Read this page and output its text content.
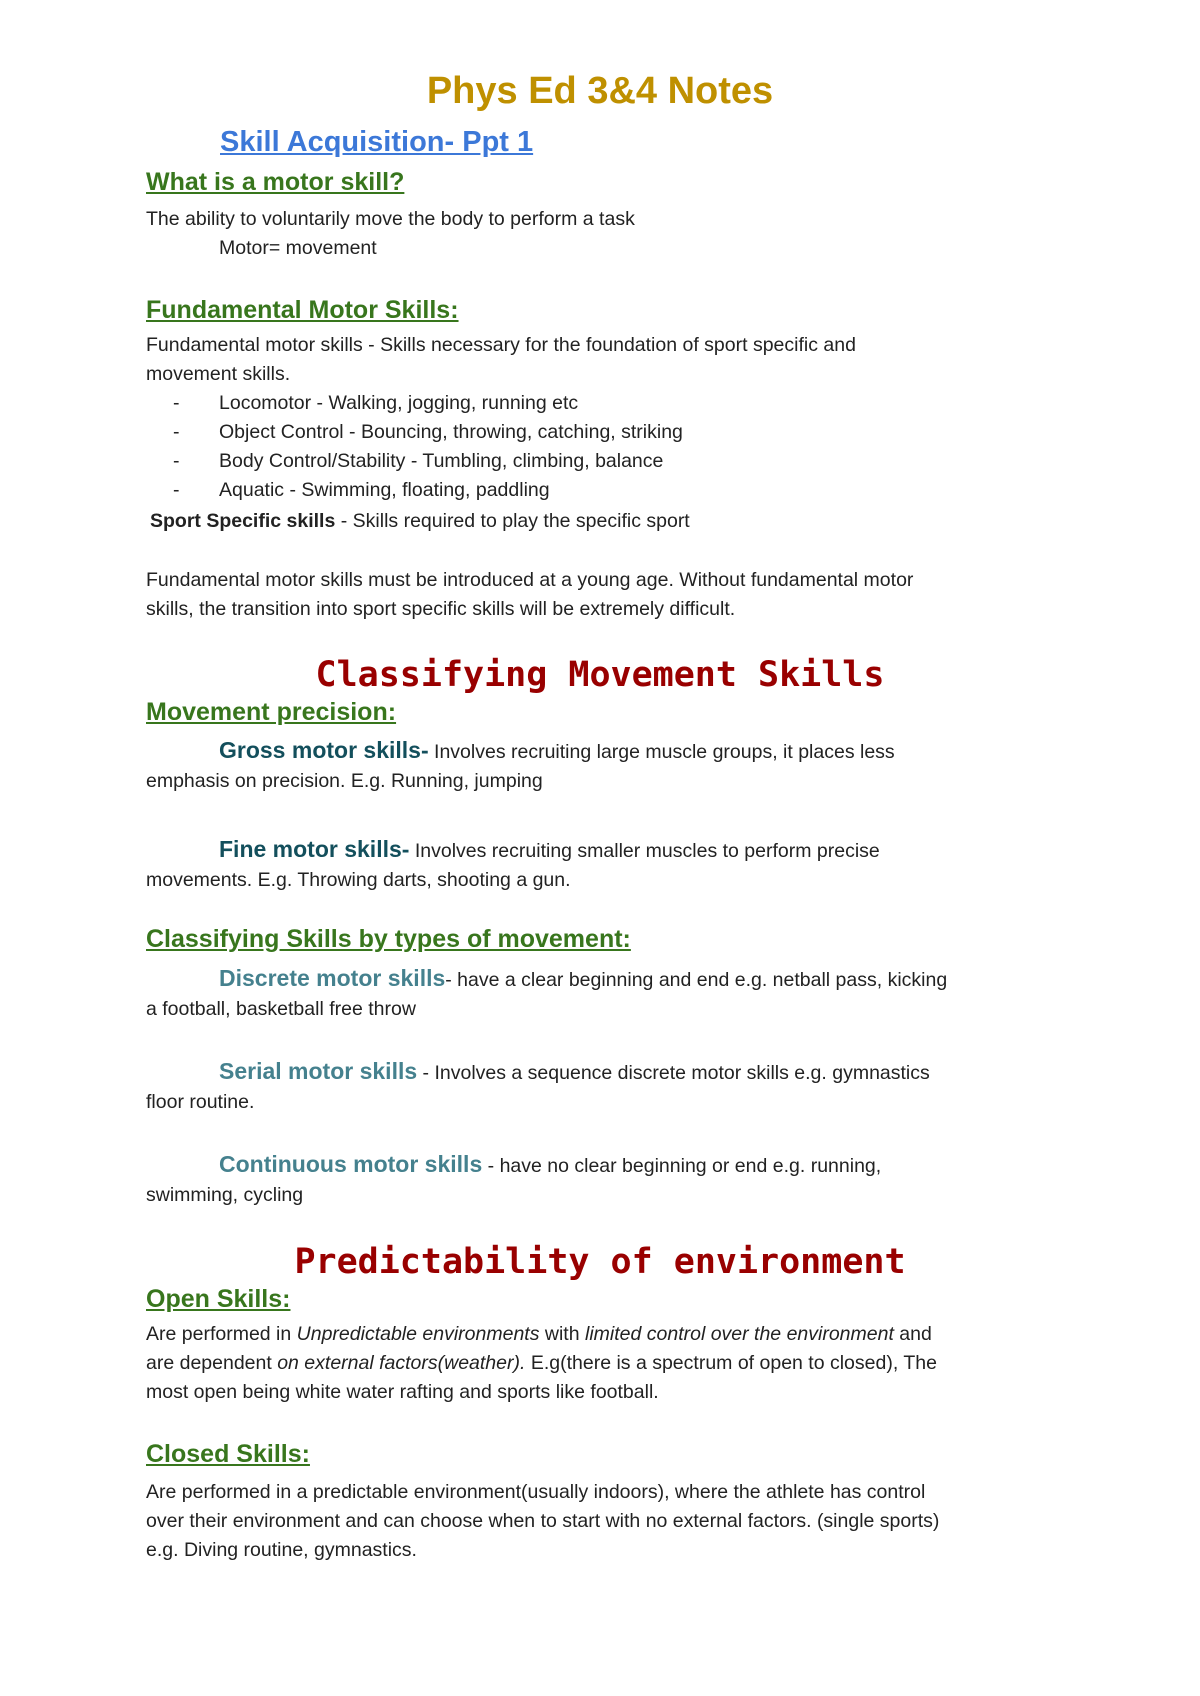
Phys Ed 3&4 Notes
Skill Acquisition- Ppt 1
What is a motor skill?

The ability to voluntarily move the body to perform a task
Motor= movement

Fundamental Motor Skills:

Fundamental motor skills - Skills necessary for the foundation of sport specific and
movement skills.

- Locomotor - Walking, jogging, running etc
- Object Control - Bouncing, throwing, catching, striking
- Body Control/Stability - Tumbling, climbing, balance
- Aquatic - Swimming, floating, paddling

Sport Specific skills - Skills required to play the specific sport

Fundamental motor skills must be introduced at a young age. Without fundamental motor
skills, the transition into sport specific skills will be extremely difficult.

Classifying Movement Skills
Movement precision:

Gross motor skills- Involves recruiting large muscle groups, it places less
emphasis on precision. E.g. Running, jumping

Fine motor skills- Involves recruiting smaller muscles to perform precise
movements. E.g. Throwing darts, shooting a gun.

Classifying Skills by types of movement:

Discrete motor skills- have a clear beginning and end e.g. netball pass, kicking
a football, basketball free throw

Serial motor skills - Involves a sequence discrete motor skills e.g. gymnastics
floor routine.

Continuous motor skills - have no clear beginning or end e.g. running,
swimming, cycling

Predictability of environment
Open Skills:

Are performed in Unpredictable environments with limited control over the environment and
are dependent on external factors(weather). E.g(there is a spectrum of open to closed), The
most open being white water rafting and sports like football.

Closed Skills:

Are performed in a predictable environment(usually indoors), where the athlete has control
over their environment and can choose when to start with no external factors. (single sports)
e.g. Diving routine, gymnastics.
